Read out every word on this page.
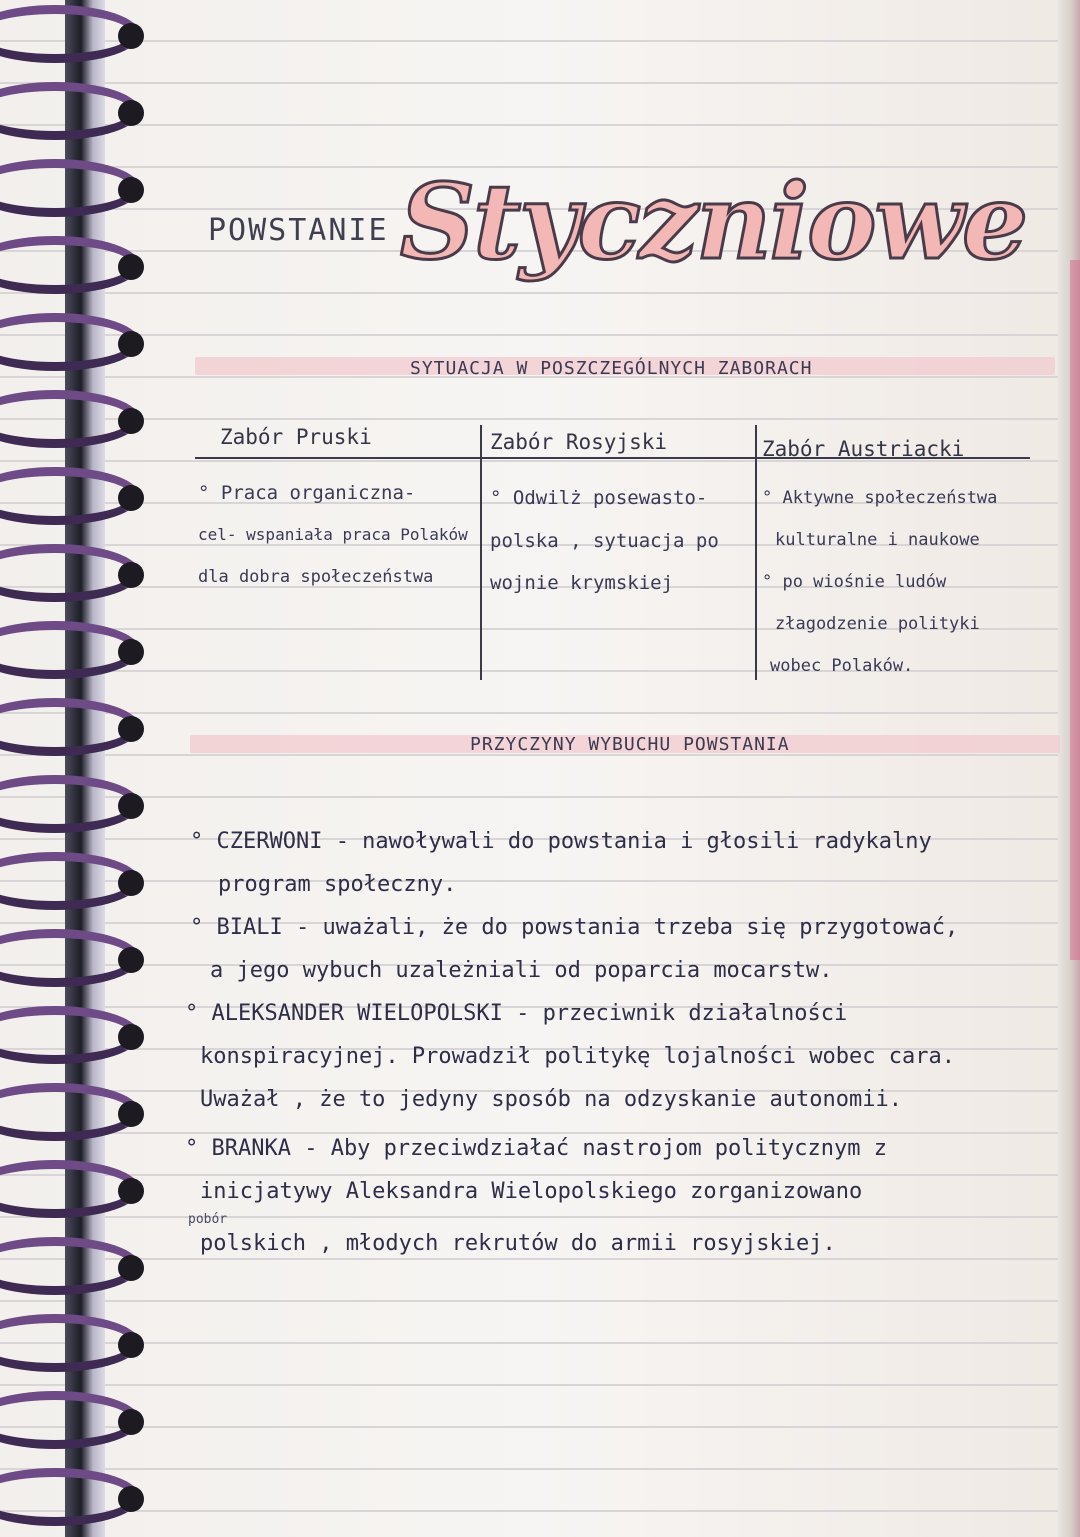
POWSTANIE Styczniowe
SYTUACJA W POSZCZEGÓLNYCH ZABORACH
Zabór Pruski	Zabór Rosyjski	Zabór Austriacki
° Praca organiczna-
cel- wspaniała praca Polaków
dla dobra społeczeństwa
° Odwilż posewasto-
polska , sytuacja po
wojnie krymskiej
° Aktywne społeczeństwa
kulturalne i naukowe
° po wiośnie ludów
złagodzenie polityki
wobec Polaków.
PRZYCZYNY WYBUCHU POWSTANIA
° CZERWONI - nawoływali do powstania i głosili radykalny
program społeczny.
° BIALI - uważali, że do powstania trzeba się przygotować,
a jego wybuch uzależniali od poparcia mocarstw.
° ALEKSANDER WIELOPOLSKI - przeciwnik działalności
konspiracyjnej. Prowadził politykę lojalności wobec cara.
Uważał , że to jedyny sposób na odzyskanie autonomii.
° BRANKA - Aby przeciwdziałać nastrojom politycznym z
inicjatywy Aleksandra Wielopolskiego zorganizowano
pobór
polskich , młodych rekrutów do armii rosyjskiej.
